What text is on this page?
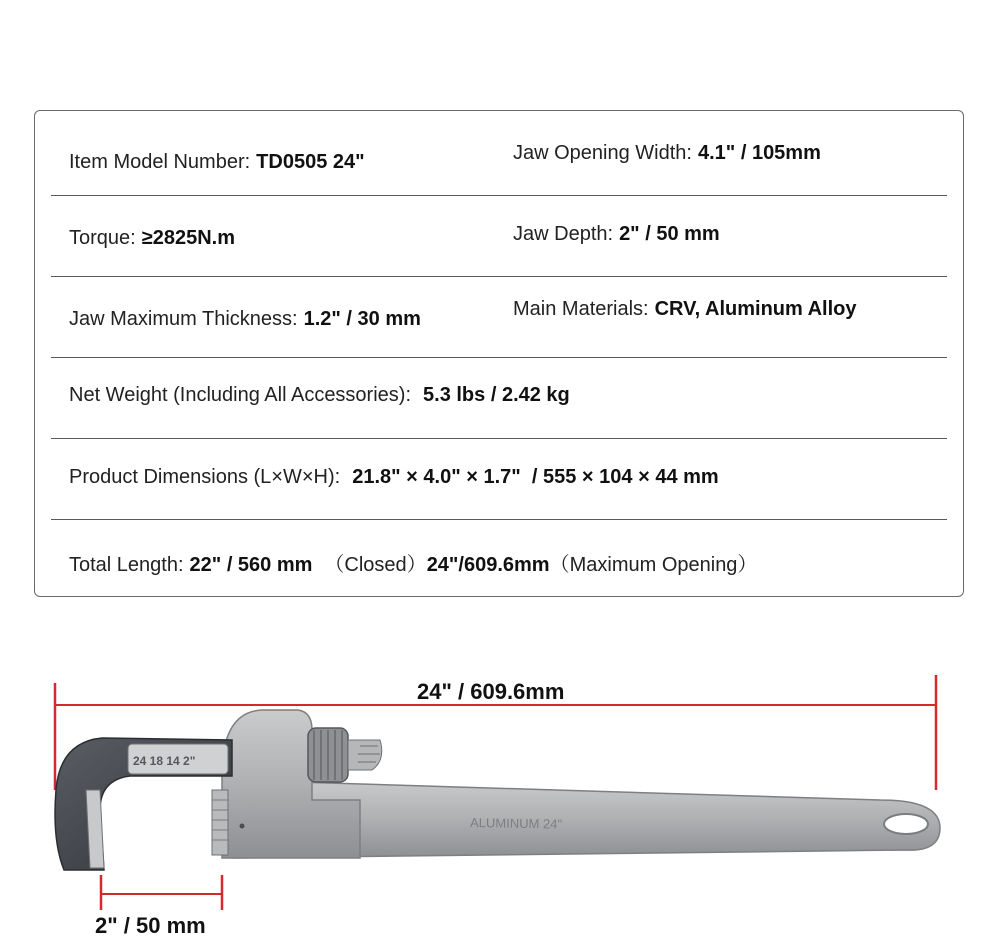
Item Model Number: TD0505 24"	Jaw Opening Width: 4.1" / 105mm
Torque: ≥2825N.m	Jaw Depth: 2" / 50 mm
Jaw Maximum Thickness: 1.2" / 30 mm	Main Materials: CRV, Aluminum Alloy
Net Weight (Including All Accessories): 5.3 lbs / 2.42 kg
Product Dimensions (L×W×H): 21.8" × 4.0" × 1.7"  / 555 × 104 × 44 mm
Total Length: 22" / 560 mm （Closed）24"/609.6mm（Maximum Opening）
24" / 609.6mm
2" / 50 mm
ALUMINUM 24"
24 18 14 2"
